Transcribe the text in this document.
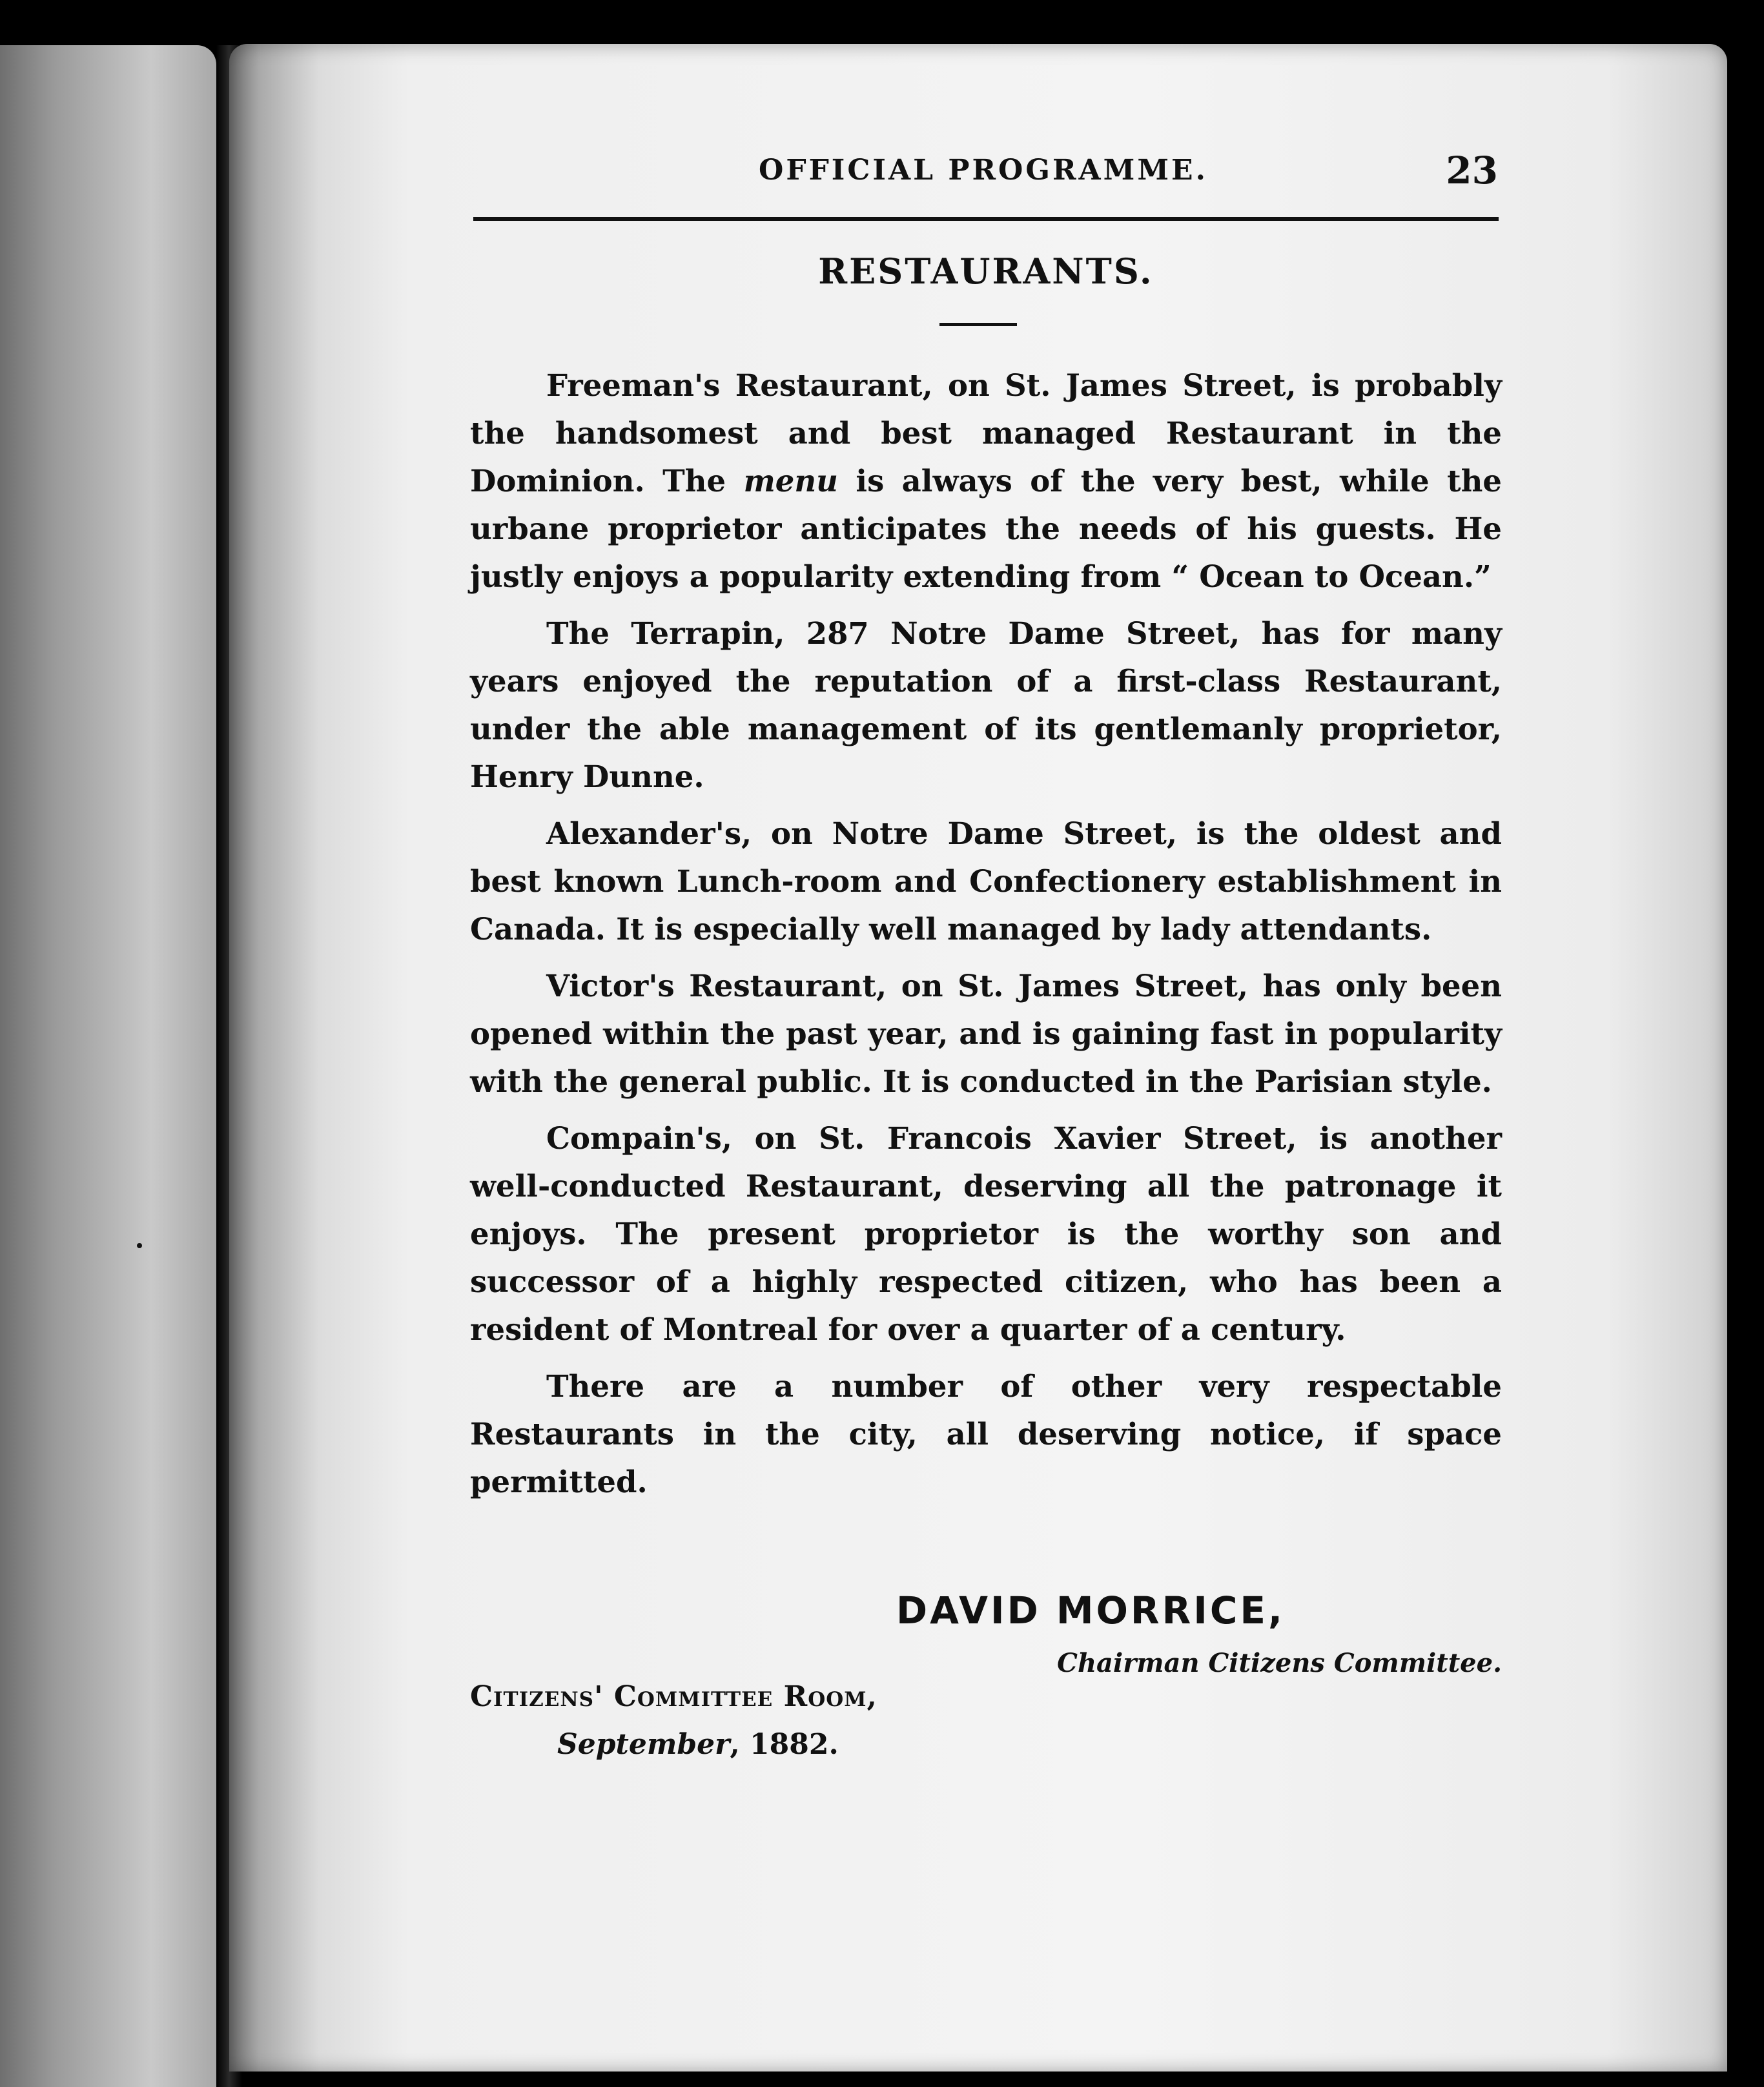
OFFICIAL PROGRAMME.	23
RESTAURANTS.

Freeman's Restaurant, on St. James Street, is probably the handsomest and best managed Restaurant in the Dominion. The menu is always of the very best, while the urbane proprietor anticipates the needs of his guests. He justly enjoys a popularity extending from “ Ocean to Ocean.”

The Terrapin, 287 Notre Dame Street, has for many years enjoyed the reputation of a first-class Restaurant, under the able management of its gentlemanly proprietor, Henry Dunne.

Alexander's, on Notre Dame Street, is the oldest and best known Lunch-room and Confectionery establishment in Canada. It is especially well managed by lady attendants.

Victor's Restaurant, on St. James Street, has only been opened within the past year, and is gaining fast in popularity with the general public. It is conducted in the Parisian style.

Compain's, on St. Francois Xavier Street, is another well-conducted Restaurant, deserving all the patronage it enjoys. The present proprietor is the worthy son and successor of a highly respected citizen, who has been a resident of Montreal for over a quarter of a century.

There are a number of other very respectable Restaurants in the city, all deserving notice, if space permitted.

DAVID MORRICE,
Chairman Citizens Committee.
Citizens' Committee Room,
September, 1882.
